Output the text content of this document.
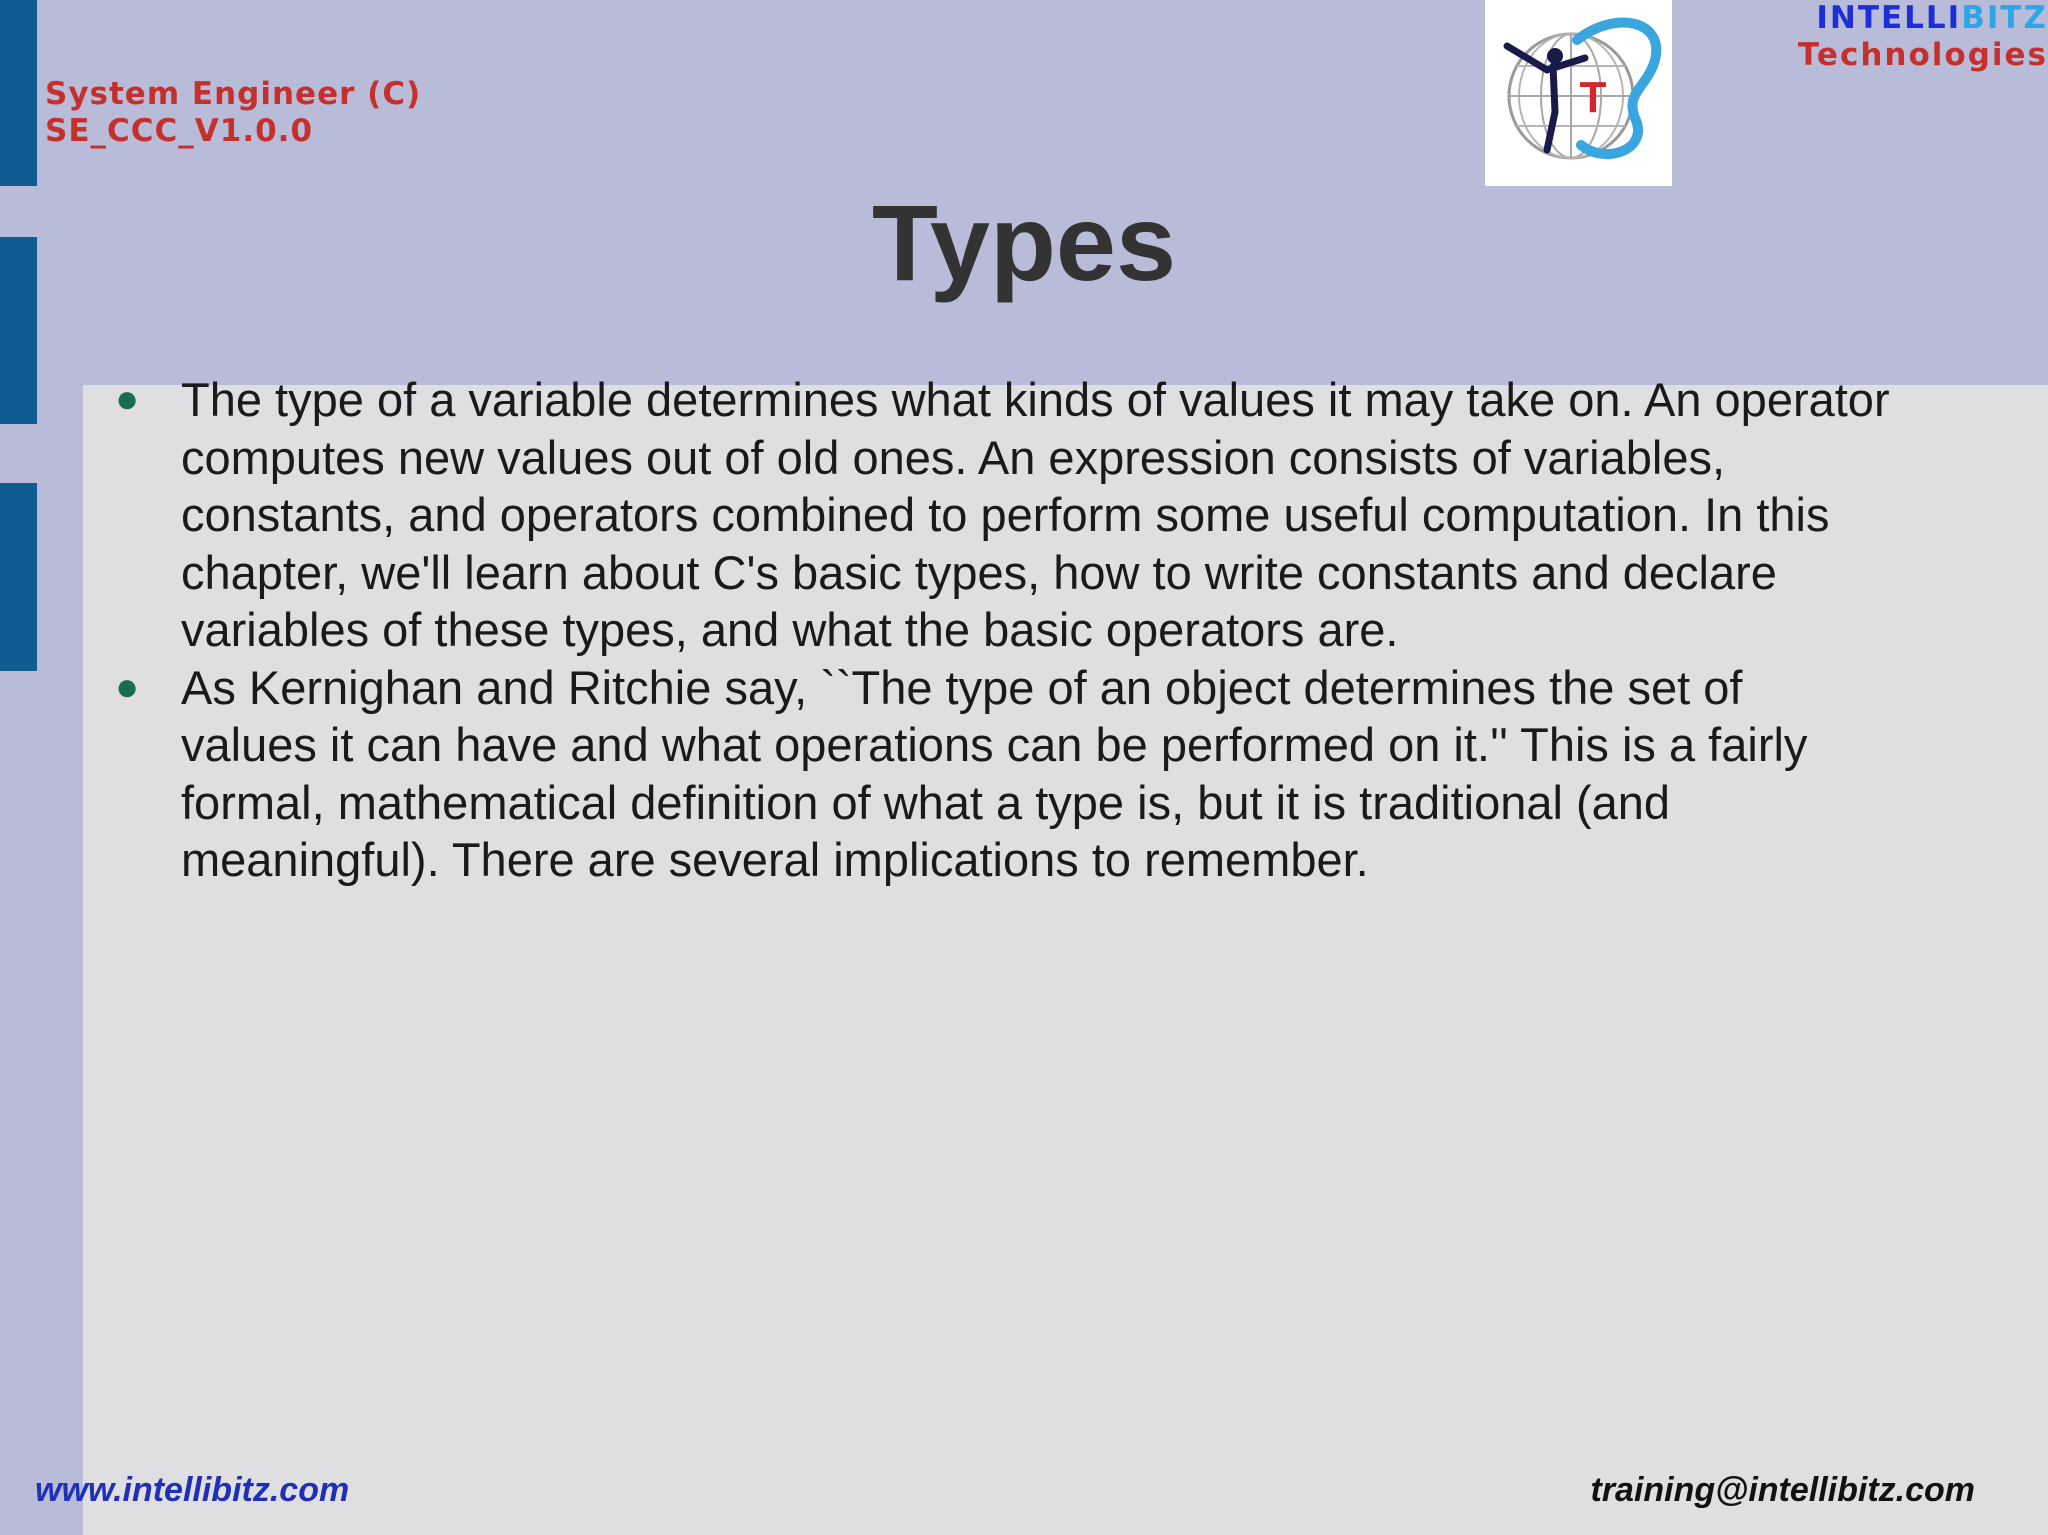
System Engineer (C)
SE_CCC_V1.0.0
T
INTELLIBITZ
Technologies
Types
● The type of a variable determines what kinds of values it may take on. An operator computes new values out of old ones. An expression consists of variables, constants, and operators combined to perform some useful computation. In this chapter, we'll learn about C's basic types, how to write constants and declare variables of these types, and what the basic operators are.
● As Kernighan and Ritchie say, ``The type of an object determines the set of values it can have and what operations can be performed on it.'' This is a fairly formal, mathematical definition of what a type is, but it is traditional (and meaningful). There are several implications to remember.
www.intellibitz.com	training@intellibitz.com
